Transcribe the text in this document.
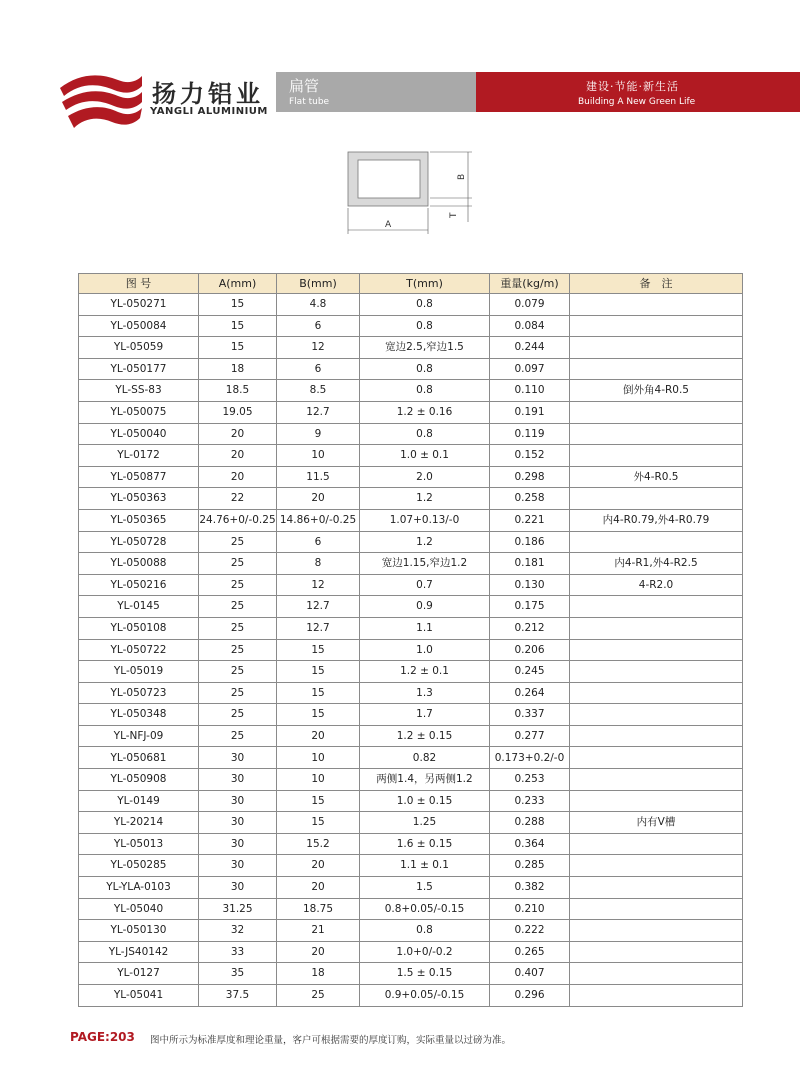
扬力铝业
YANGLI ALUMINIUM
扁管
Flat tube
建设·节能·新生活
Building A New Green Life
A
B
T
图 号	A(mm)	B(mm)	T(mm)	重量(kg/m)	备　注
YL-050271	15	4.8	0.8	0.079	
YL-050084	15	6	0.8	0.084	
YL-05059	15	12	宽边2.5,窄边1.5	0.244	
YL-050177	18	6	0.8	0.097	
YL-SS-83	18.5	8.5	0.8	0.110	倒外角4-R0.5
YL-050075	19.05	12.7	1.2 ± 0.16	0.191	
YL-050040	20	9	0.8	0.119	
YL-0172	20	10	1.0 ± 0.1	0.152	
YL-050877	20	11.5	2.0	0.298	外4-R0.5
YL-050363	22	20	1.2	0.258	
YL-050365	24.76+0/-0.25	14.86+0/-0.25	1.07+0.13/-0	0.221	内4-R0.79,外4-R0.79
YL-050728	25	6	1.2	0.186	
YL-050088	25	8	宽边1.15,窄边1.2	0.181	内4-R1,外4-R2.5
YL-050216	25	12	0.7	0.130	4-R2.0
YL-0145	25	12.7	0.9	0.175	
YL-050108	25	12.7	1.1	0.212	
YL-050722	25	15	1.0	0.206	
YL-05019	25	15	1.2 ± 0.1	0.245	
YL-050723	25	15	1.3	0.264	
YL-050348	25	15	1.7	0.337	
YL-NFJ-09	25	20	1.2 ± 0.15	0.277	
YL-050681	30	10	0.82	0.173+0.2/-0	
YL-050908	30	10	两侧1.4，另两侧1.2	0.253	
YL-0149	30	15	1.0 ± 0.15	0.233	
YL-20214	30	15	1.25	0.288	内有V槽
YL-05013	30	15.2	1.6 ± 0.15	0.364	
YL-050285	30	20	1.1 ± 0.1	0.285	
YL-YLA-0103	30	20	1.5	0.382	
YL-05040	31.25	18.75	0.8+0.05/-0.15	0.210	
YL-050130	32	21	0.8	0.222	
YL-JS40142	33	20	1.0+0/-0.2	0.265	
YL-0127	35	18	1.5 ± 0.15	0.407	
YL-05041	37.5	25	0.9+0.05/-0.15	0.296	
PAGE:203 图中所示为标准厚度和理论重量，客户可根据需要的厚度订购，实际重量以过磅为准。
